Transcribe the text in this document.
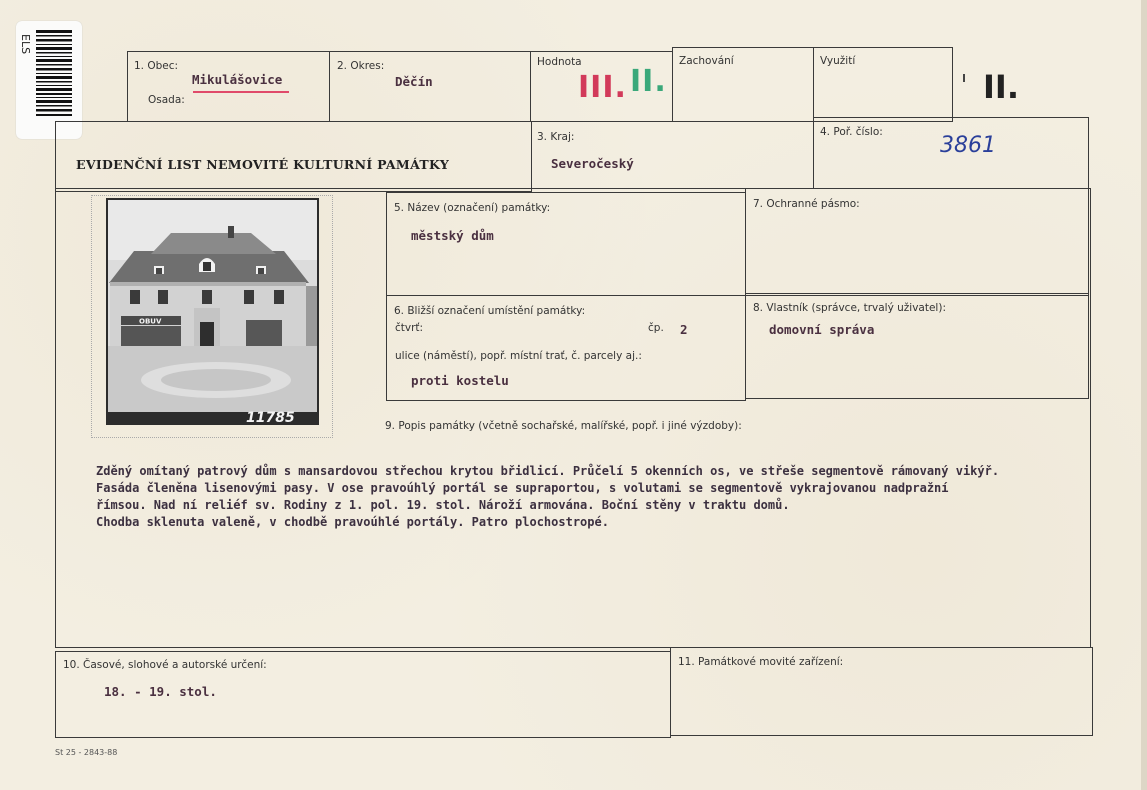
ELS
1. Obec:
Mikulášovice
Osada:
2. Okres:
Děčín
Hodnota
III. II.
Zachování	Využití
II.
EVIDENČNÍ LIST NEMOVITÉ KULTURNÍ PAMÁTKY
3. Kraj:
Severočeský
4. Poř. číslo:
3861
OBUV
11785
5. Název (označení) památky:
městský dům
7. Ochranné pásmo:
6. Bližší označení umístění památky:
čtvrť:	čp. 2
ulice (náměstí), popř. místní trať, č. parcely aj.:
proti kostelu
8. Vlastník (správce, trvalý uživatel):
domovní správa
9. Popis památky (včetně sochařské, malířské, popř. i jiné výzdoby):
Zděný omítaný patrový dům s mansardovou střechou krytou břidlicí. Průčelí 5 okenních os, ve střeše segmentově rámovaný vikýř.
Fasáda členěna lisenovými pasy. V ose pravoúhlý portál se supraportou, s volutami se segmentově vykrajovanou nadpražní
římsou. Nad ní reliéf sv. Rodiny z 1. pol. 19. stol. Nároží armována. Boční stěny v traktu domů.
Chodba sklenuta valeně, v chodbě pravoúhlé portály. Patro plochostropé.
10. Časové, slohové a autorské určení:
18. - 19. stol.
11. Památkové movité zařízení:
St 25 - 2843-88
